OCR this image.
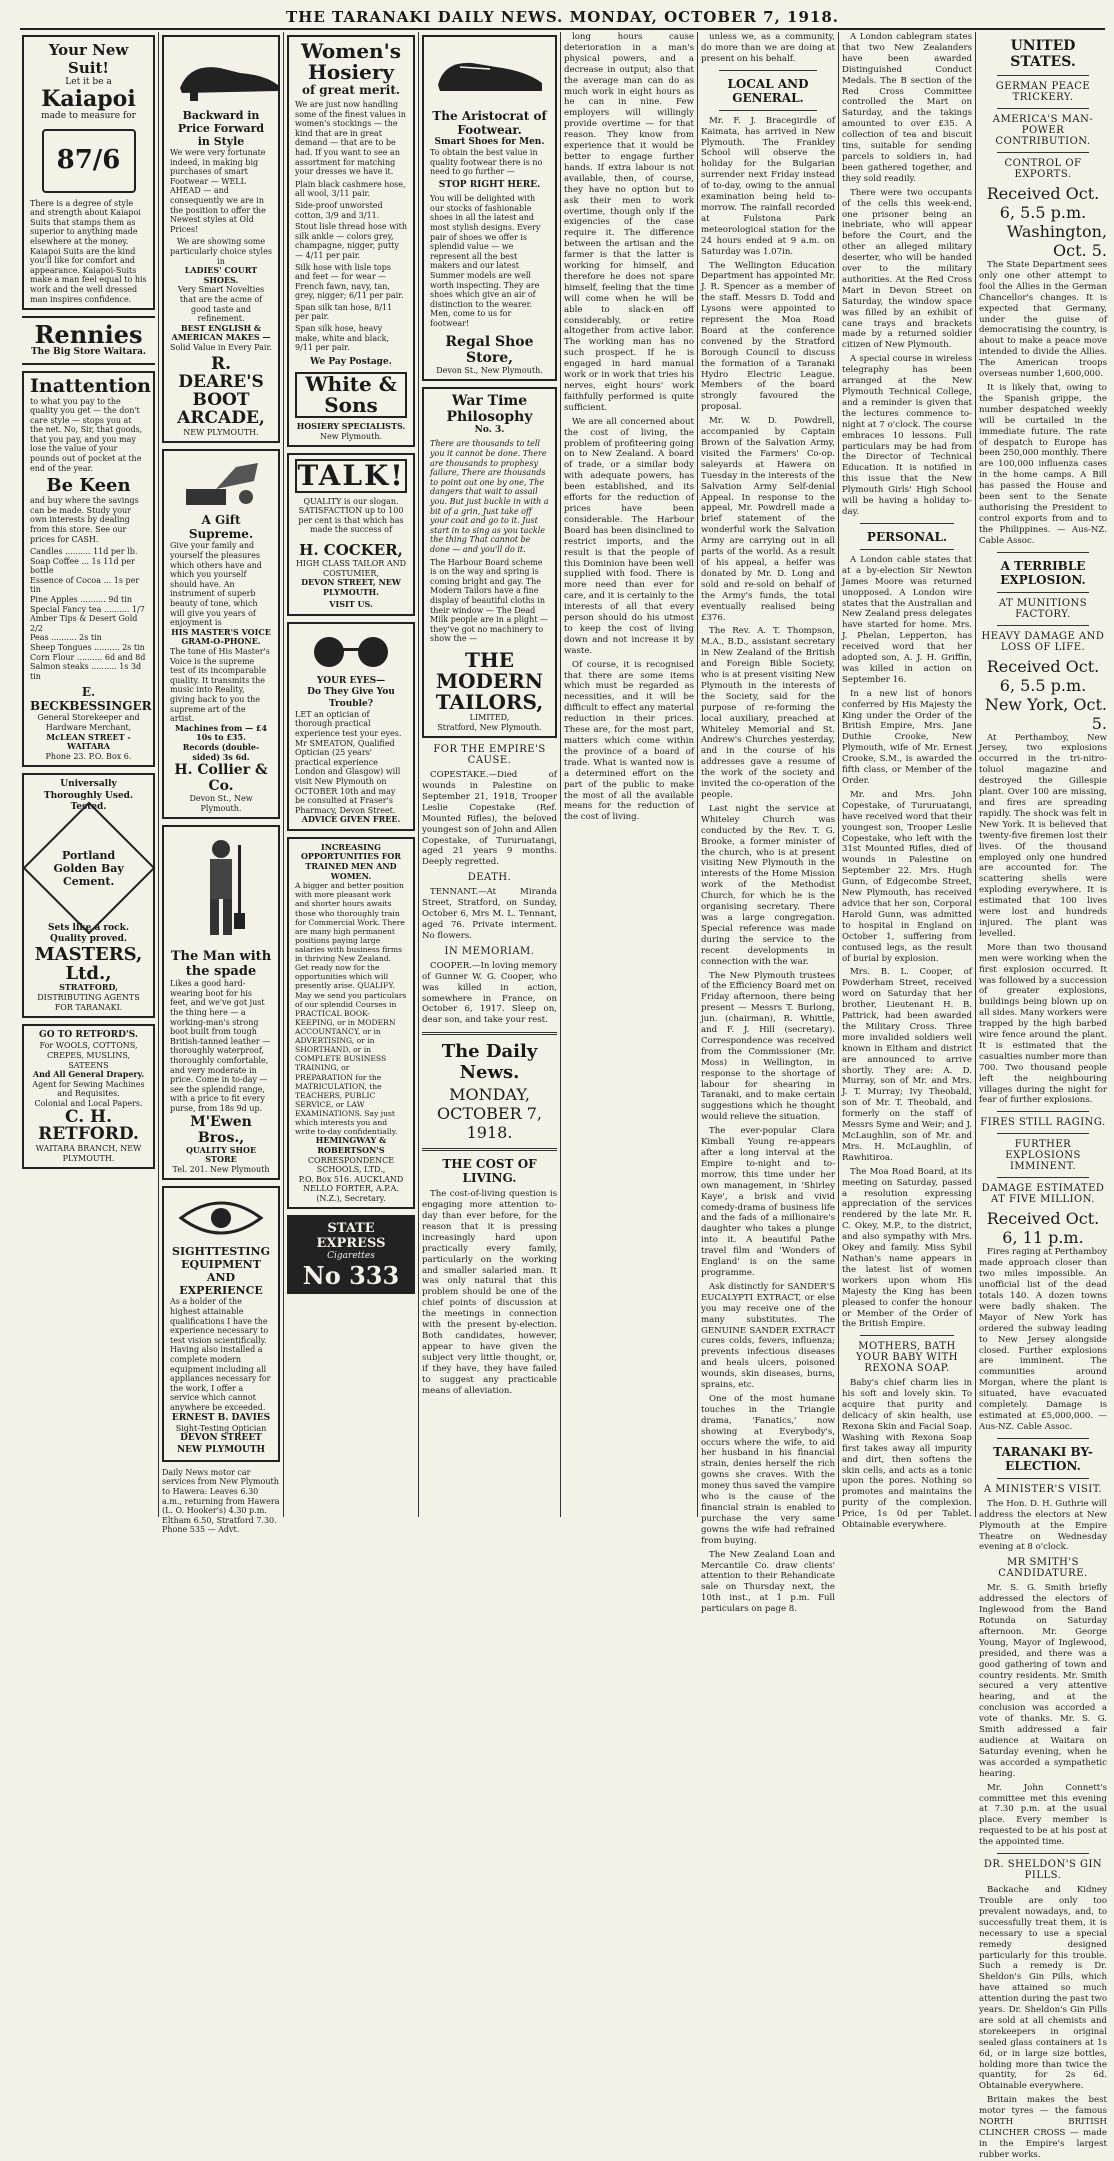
THE TARANAKI DAILY NEWS. MONDAY, OCTOBER 7, 1918.
Your New Suit!
Let it be a
Kaiapoi
made to measure for
87/6
There is a degree of style and strength about Kaiapoi Suits that stamps them as superior to anything made elsewhere at the money. Kaiapoi Suits are the kind you'll like for comfort and appearance. Kaiapoi-Suits make a man feel equal to his work and the well dressed man inspires confidence.
Rennies
The Big Store Waitara.
Inattention
to what you pay to the quality you get — the don't care style — stops you at the net. No, Sir, that goods, that you pay, and you may lose the value of your pounds out of pocket at the end of the year.
Be Keen
and buy where the savings can be made. Study your own interests by dealing from this store. See our prices for CASH.
Candles .......... 11d per lb.
Soap Coffee ... 1s 11d per bottle
Essence of Cocoa ... 1s per tin
Pine Apples .......... 9d tin
Special Fancy tea .......... 1/7
Amber Tips & Desert Gold 2/2
Peas .......... 2s tin
Sheep Tongues .......... 2s tin
Corn Flour .......... 6d and 8d
Salmon steaks .......... 1s 3d tin
E. BECKBESSINGER
General Storekeeper and Hardware Merchant,
McLEAN STREET - WAITARA
Phone 23. P.O. Box 6.
Universally Thoroughly Used. Tested.
Portland Golden Bay Cement.
Sets like a rock. Quality proved.
MASTERS, Ltd.,
STRATFORD,
DISTRIBUTING AGENTS FOR TARANAKI.
GO TO RETFORD'S.
For WOOLS, COTTONS, CREPES, MUSLINS, SATEENS
And All General Drapery.
Agent for Sewing Machines and Requisites.
Colonial and Local Papers.
C. H. RETFORD.
WAITARA BRANCH, NEW PLYMOUTH.
Backward in Price Forward in Style
We were very fortunate indeed, in making big purchases of smart Footwear — WELL AHEAD — and consequently we are in the position to offer the Newest styles at Old Prices!
We are showing some particularly choice styles in
LADIES' COURT SHOES.
Very Smart Novelties that are the acme of good taste and refinement.
BEST ENGLISH & AMERICAN MAKES —
Solid Value in Every Pair.
R. DEARE'S
BOOT ARCADE,
NEW PLYMOUTH.
A Gift Supreme.
Give your family and yourself the pleasures which others have and which you yourself should have. An instrument of superb beauty of tone, which will give you years of enjoyment is
HIS MASTER'S VOICE GRAM-O-PHONE.
The tone of His Master's Voice is the supreme test of its incomparable quality. It transmits the music into Reality, giving back to you the supreme art of the artist.
Machines from — £4 10s to £35.
Records (double-sided) 3s 6d.
H. Collier & Co.
Devon St., New Plymouth.
The Man with the spade
Likes a good hard-wearing boot for his feet, and we've got just the thing here — a working-man's strong boot built from tough British-tanned leather — thoroughly waterproof, thoroughly comfortable, and very moderate in price. Come in to-day — see the splendid range, with a price to fit every purse, from 18s 9d up.
M'Ewen Bros.,
QUALITY SHOE STORE
Tel. 201. New Plymouth
SIGHTTESTING EQUIPMENT AND EXPERIENCE
As a holder of the highest attainable qualifications I have the experience necessary to test vision scientifically. Having also installed a complete modern equipment including all appliances necessary for the work, I offer a service which cannot anywhere be exceeded.
ERNEST B. DAVIES
Sight-Testing Optician
DEVON STREET NEW PLYMOUTH
Daily News motor car services from New Plymouth to Hawera: Leaves 6.30 a.m., returning from Hawera (L. O. Hooker's) 4.30 p.m. Eltham 6.50, Stratford 7.30. Phone 535 — Advt.
Women's Hosiery
of great merit.
We are just now handling some of the finest values in women's stockings — the kind that are in great demand — that are to be had. If you want to see an assortment for matching your dresses we have it.

Plain black cashmere hose, all wool, 3/11 pair.

Side-proof unworsted cotton, 3/9 and 3/11.

Stout lisle thread hose with silk ankle — colors grey, champagne, nigger, putty — 4/11 per pair.

Silk hose with lisle tops and feet — for wear — French fawn, navy, tan, grey, nigger; 6/11 per pair.

Span silk tan hose, 8/11 per pair.

Span silk hose, heavy make, white and black, 9/11 per pair.

We Pay Postage.
White & Sons
HOSIERY SPECIALISTS.
New Plymouth.
TALK!
QUALITY is our slogan. SATISFACTION up to 100 per cent is that which has made the success of
H. COCKER,
HIGH CLASS TAILOR AND COSTUMIER,
DEVON STREET, NEW PLYMOUTH.
VISIT US.
YOUR EYES—
Do They Give You Trouble?
LET an optician of thorough practical experience test your eyes. Mr SMEATON, Qualified Optician (25 years' practical experience London and Glasgow) will visit New Plymouth on OCTOBER 10th and may be consulted at Fraser's Pharmacy, Devon Street.
ADVICE GIVEN FREE.
INCREASING OPPORTUNITIES FOR TRAINED MEN AND WOMEN.
A bigger and better position with more pleasant work and shorter hours awaits those who thoroughly train for Commercial Work. There are many high permanent positions paying large salaries with business firms in thriving New Zealand. Get ready now for the opportunities which will presently arise. QUALIFY. May we send you particulars of our splendid Courses in PRACTICAL BOOK-KEEPING, or in MODERN ACCOUNTANCY, or in ADVERTISING, or in SHORTHAND, or in COMPLETE BUSINESS TRAINING, or PREPARATION for the MATRICULATION, the TEACHERS, PUBLIC SERVICE, or LAW EXAMINATIONS. Say just which interests you and write to-day confidentially.
HEMINGWAY & ROBERTSON'S
CORRESPONDENCE SCHOOLS, LTD.,
P.O. Box 516. AUCKLAND
NELLO FORTER, A.P.A. (N.Z.), Secretary.
STATE EXPRESS
Cigarettes
No 333
The Aristocrat of Footwear.
Smart Shoes for Men.
To obtain the best value in quality footwear there is no need to go further —
STOP RIGHT HERE.
You will be delighted with our stocks of fashionable shoes in all the latest and most stylish designs. Every pair of shoes we offer is splendid value — we represent all the best makers and our latest Summer models are well worth inspecting. They are shoes which give an air of distinction to the wearer. Men, come to us for footwear!
Regal Shoe Store,
Devon St., New Plymouth.
War Time Philosophy
No. 3.
There are thousands to tell you it cannot be done. There are thousands to prophesy failure, There are thousands to point out one by one, The dangers that wait to assail you. But just buckle in with a bit of a grin, Just take off your coat and go to it. Just start in to sing as you tackle the thing That cannot be done — and you'll do it.
The Harbour Board scheme is on the way and spring is coming bright and gay. The Modern Tailors have a fine display of beautiful cloths in their window — The Dead Milk people are in a plight — they've got no machinery to show the —
THE MODERN TAILORS,
LIMITED,
Stratford, New Plymouth.
FOR THE EMPIRE'S CAUSE.

COPESTAKE.—Died of wounds in Palestine on September 21, 1918, Trooper Leslie Copestake (Ref. Mounted Rifles), the beloved youngest son of John and Allen Copestake, of Tururuatangi, aged 21 years 9 months. Deeply regretted.

DEATH.

TENNANT.—At Miranda Street, Stratford, on Sunday, October 6, Mrs M. L. Tennant, aged 76. Private interment. No flowers.

IN MEMORIAM.

COOPER.—In loving memory of Gunner W. G. Cooper, who was killed in action, somewhere in France, on October 6, 1917. Sleep on, dear son, and take your rest.

The Daily News.
MONDAY, OCTOBER 7, 1918.
THE COST OF LIVING.

The cost-of-living question is engaging more attention to-day than ever before, for the reason that it is pressing increasingly hard upon practically every family, particularly on the working and smaller salaried man. It was only natural that this problem should be one of the chief points of discussion at the meetings in connection with the present by-election. Both candidates, however, appear to have given the subject very little thought, or, if they have, they have failed to suggest any practicable means of alleviation.

long hours cause deterioration in a man's physical powers, and a decrease in output; also that the average man can do as much work in eight hours as he can in nine. Few employers will willingly provide overtime — for that reason. They know from experience that it would be better to engage further hands. If extra labour is not available, then, of course, they have no option but to ask their men to work overtime, though only if the exigencies of the case require it. The difference between the artisan and the farmer is that the latter is working for himself, and therefore he does not spare himself, feeling that the time will come when he will be able to slack-en off considerably, or retire altogether from active labor. The working man has no such prospect. If he is engaged in hard manual work or in work that tries his nerves, eight hours' work faithfully performed is quite sufficient.

We are all concerned about the cost of living, the problem of profiteering going on to New Zealand. A board of trade, or a similar body with adequate powers, has been established, and its efforts for the reduction of prices have been considerable. The Harbour Board has been disinclined to restrict imports, and the result is that the people of this Dominion have been well supplied with food. There is more need than ever for care, and it is certainly to the interests of all that every person should do his utmost to keep the cost of living down and not increase it by waste.

Of course, it is recognised that there are some items which must be regarded as necessities, and it will be difficult to effect any material reduction in their prices. These are, for the most part, matters which come within the province of a board of trade. What is wanted now is a determined effort on the part of the public to make the most of all the available means for the reduction of the cost of living.

unless we, as a community, do more than we are doing at present on his behalf.

LOCAL AND GENERAL.

Mr. F. J. Bracegirdle of Kaimata, has arrived in New Plymouth. The Frankley School will observe the holiday for the Bulgarian surrender next Friday instead of to-day, owing to the annual examination being held to-morrow. The rainfall recorded at Fulstona Park meteorological station for the 24 hours ended at 9 a.m. on Saturday was 1.07in.

The Wellington Education Department has appointed Mr. J. R. Spencer as a member of the staff. Messrs D. Todd and Lysons were appointed to represent the Moa Road Board at the conference convened by the Stratford Borough Council to discuss the formation of a Taranaki Hydro Electric League. Members of the board strongly favoured the proposal.

Mr. W. D. Powdrell, accompanied by Captain Brown of the Salvation Army, visited the Farmers' Co-op. saleyards at Hawera on Tuesday in the interests of the Salvation Army Self-denial Appeal. In response to the appeal, Mr. Powdrell made a brief statement of the wonderful work the Salvation Army are carrying out in all parts of the world. As a result of his appeal, a heifer was donated by Mr. D. Long and sold and re-sold on behalf of the Army's funds, the total eventually realised being £376.

The Rev. A. T. Thompson, M.A., B.D., assistant secretary in New Zealand of the British and Foreign Bible Society, who is at present visiting New Plymouth in the interests of the Society, said for the purpose of re-forming the local auxiliary, preached at Whiteley Memorial and St. Andrew's Churches yesterday, and in the course of his addresses gave a resume of the work of the society and invited the co-operation of the people.

Last night the service at Whiteley Church was conducted by the Rev. T. G. Brooke, a former minister of the church, who is at present visiting New Plymouth in the interests of the Home Mission work of the Methodist Church, for which he is the organising secretary. There was a large congregation. Special reference was made during the service to the recent developments in connection with the war.

The New Plymouth trustees of the Efficiency Board met on Friday afternoon, there being present — Messrs T. Burlong, jun. (chairman), R. Whittle, and F. J. Hill (secretary). Correspondence was received from the Commissioner (Mr. Moss) in Wellington, in response to the shortage of labour for shearing in Taranaki, and to make certain suggestions which he thought would relieve the situation.

The ever-popular Clara Kimball Young re-appears after a long interval at the Empire to-night and to-morrow, this time under her own management, in 'Shirley Kaye', a brisk and vivid comedy-drama of business life and the fads of a millionaire's daughter who takes a plunge into it. A beautiful Pathe travel film and 'Wonders of England' is on the same programme.

Ask distinctly for SANDER'S EUCALYPTI EXTRACT, or else you may receive one of the many substitutes. The GENUINE SANDER EXTRACT cures colds, fevers, influenza; prevents infectious diseases and heals ulcers, poisoned wounds, skin diseases, burns, sprains, etc.

One of the most humane touches in the Triangle drama, 'Fanatics,' now showing at Everybody's, occurs where the wife, to aid her husband in his financial strain, denies herself the rich gowns she craves. With the money thus saved the vampire who is the cause of the financial strain is enabled to purchase the very same gowns the wife had refrained from buying.

The New Zealand Loan and Mercantile Co. draw clients' attention to their Rehandicate sale on Thursday next, the 10th inst., at 1 p.m. Full particulars on page 8.

A London cablegram states that two New Zealanders have been awarded Distinguished Conduct Medals. The B section of the Red Cross Committee controlled the Mart on Saturday, and the takings amounted to over £35. A collection of tea and biscuit tins, suitable for sending parcels to soldiers in, had been gathered together, and they sold readily.

There were two occupants of the cells this week-end, one prisoner being an inebriate, who will appear before the Court, and the other an alleged military deserter, who will be handed over to the military authorities. At the Red Cross Mart in Devon Street on Saturday, the window space was filled by an exhibit of cane trays and brackets made by a returned soldier citizen of New Plymouth.

A special course in wireless telegraphy has been arranged at the New Plymouth Technical College, and a reminder is given that the lectures commence to-night at 7 o'clock. The course embraces 10 lessons. Full particulars may be had from the Director of Technical Education. It is notified in this issue that the New Plymouth Girls' High School will be having a holiday to-day.

PERSONAL.

A London cable states that at a by-election Sir Newton James Moore was returned unopposed. A London wire states that the Australian and New Zealand press delegates have started for home. Mrs. J. Phelan, Lepperton, has received word that her adopted son, A. J. H. Griffin, was killed in action on September 16.

In a new list of honors conferred by His Majesty the King under the Order of the British Empire, Mrs. Jane Duthie Crooke, New Plymouth, wife of Mr. Ernest Crooke, S.M., is awarded the fifth class, or Member of the Order.

Mr. and Mrs. John Copestake, of Tururuatangi, have received word that their youngest son, Trooper Leslie Copestake, who left with the 31st Mounted Rifles, died of wounds in Palestine on September 22. Mrs. Hugh Gunn, of Edgecombe Street, New Plymouth, has received advice that her son, Corporal Harold Gunn, was admitted to hospital in England on October 1, suffering from contused legs, as the result of burial by explosion.

Mrs. B. L. Cooper, of Powderham Street, received word on Saturday that her brother, Lieutenant H. B. Pattrick, had been awarded the Military Cross. Three more invalided soldiers well known in Eltham and district are announced to arrive shortly. They are: A. D. Murray, son of Mr. and Mrs. J. T. Murray; Ivy Theobald, son of Mr. T. Theobald, and formerly on the staff of Messrs Syme and Weir; and J. McLaughlin, son of Mr. and Mrs. H. McLaughlin, of Rawhitiroa.

The Moa Road Board, at its meeting on Saturday, passed a resolution expressing appreciation of the services rendered by the late Mr. R. C. Okey, M.P., to the district, and also sympathy with Mrs. Okey and family. Miss Sybil Nathan's name appears in the latest list of women workers upon whom His Majesty the King has been pleased to confer the honour or Member of the Order of the British Empire.

MOTHERS, BATH YOUR BABY WITH REXONA SOAP.

Baby's chief charm lies in his soft and lovely skin. To acquire that purity and delicacy of skin health, use Rexona Skin and Facial Soap. Washing with Rexona Soap first takes away all impurity and dirt, then softens the skin cells, and acts as a tonic upon the pores. Nothing so promotes and maintains the purity of the complexion. Price, 1s 0d per Tablet. Obtainable everywhere.

UNITED STATES.
GERMAN PEACE TRICKERY.
AMERICA'S MAN-POWER CONTRIBUTION.
CONTROL OF EXPORTS.
Received Oct. 6, 5.5 p.m.
Washington, Oct. 5.

The State Department sees only one other attempt to fool the Allies in the German Chancellor's changes. It is expected that Germany, under the guise of democratising the country, is about to make a peace move intended to divide the Allies. The American troops overseas number 1,600,000.

It is likely that, owing to the Spanish grippe, the number despatched weekly will be curtailed in the immediate future. The rate of despatch to Europe has been 250,000 monthly. There are 100,000 influenza cases in the home camps. A Bill has passed the House and been sent to the Senate authorising the President to control exports from and to the Philippines. — Aus-NZ. Cable Assoc.

A TERRIBLE EXPLOSION.
AT MUNITIONS FACTORY.
HEAVY DAMAGE AND LOSS OF LIFE.
Received Oct. 6, 5.5 p.m.
New York, Oct. 5.

At Perthamboy, New Jersey, two explosions occurred in the tri-nitro-toluol magazine and destroyed the Gillespie plant. Over 100 are missing, and fires are spreading rapidly. The shock was felt in New York. It is believed that twenty-five firemen lost their lives. Of the thousand employed only one hundred are accounted for. The scattering shells were exploding everywhere. It is estimated that 100 lives were lost and hundreds injured. The plant was levelled.

More than two thousand men were working when the first explosion occurred. It was followed by a succession of greater explosions, buildings being blown up on all sides. Many workers were trapped by the high barbed wire fence around the plant. It is estimated that the casualties number more than 700. Two thousand people left the neighbouring villages during the night for fear of further explosions.

FIRES STILL RAGING.
FURTHER EXPLOSIONS IMMINENT.
DAMAGE ESTIMATED AT FIVE MILLION.
Received Oct. 6, 11 p.m.

Fires raging at Perthamboy made approach closer than two miles impossible. An unofficial list of the dead totals 140. A dozen towns were badly shaken. The Mayor of New York has ordered the subway leading to New Jersey alongside closed. Further explosions are imminent. The communities around Morgan, where the plant is situated, have evacuated completely. Damage is estimated at £5,000,000. — Aus-NZ. Cable Assoc.

TARANAKI BY-ELECTION.
A MINISTER'S VISIT.

The Hon. D. H. Guthrie will address the electors at New Plymouth at the Empire Theatre on Wednesday evening at 8 o'clock.

MR SMITH'S CANDIDATURE.

Mr. S. G. Smith briefly addressed the electors of Inglewood from the Band Rotunda on Saturday afternoon. Mr. George Young, Mayor of Inglewood, presided, and there was a good gathering of town and country residents. Mr. Smith secured a very attentive hearing, and at the conclusion was accorded a vote of thanks. Mr. S. G. Smith addressed a fair audience at Waitara on Saturday evening, when he was accorded a sympathetic hearing.

Mr. John Connett's committee met this evening at 7.30 p.m. at the usual place. Every member is requested to be at his post at the appointed time.

DR. SHELDON'S GIN PILLS.

Backache and Kidney Trouble are only too prevalent nowadays, and, to successfully treat them, it is necessary to use a special remedy designed particularly for this trouble. Such a remedy is Dr. Sheldon's Gin Pills, which have attained so much attention during the past two years. Dr. Sheldon's Gin Pills are sold at all chemists and storekeepers in original sealed glass containers at 1s 6d, or in large size bottles, holding more than twice the quantity, for 2s 6d. Obtainable everywhere.

Britain makes the best motor tyres — the famous NORTH BRITISH CLINCHER CROSS — made in the Empire's largest rubber works.
